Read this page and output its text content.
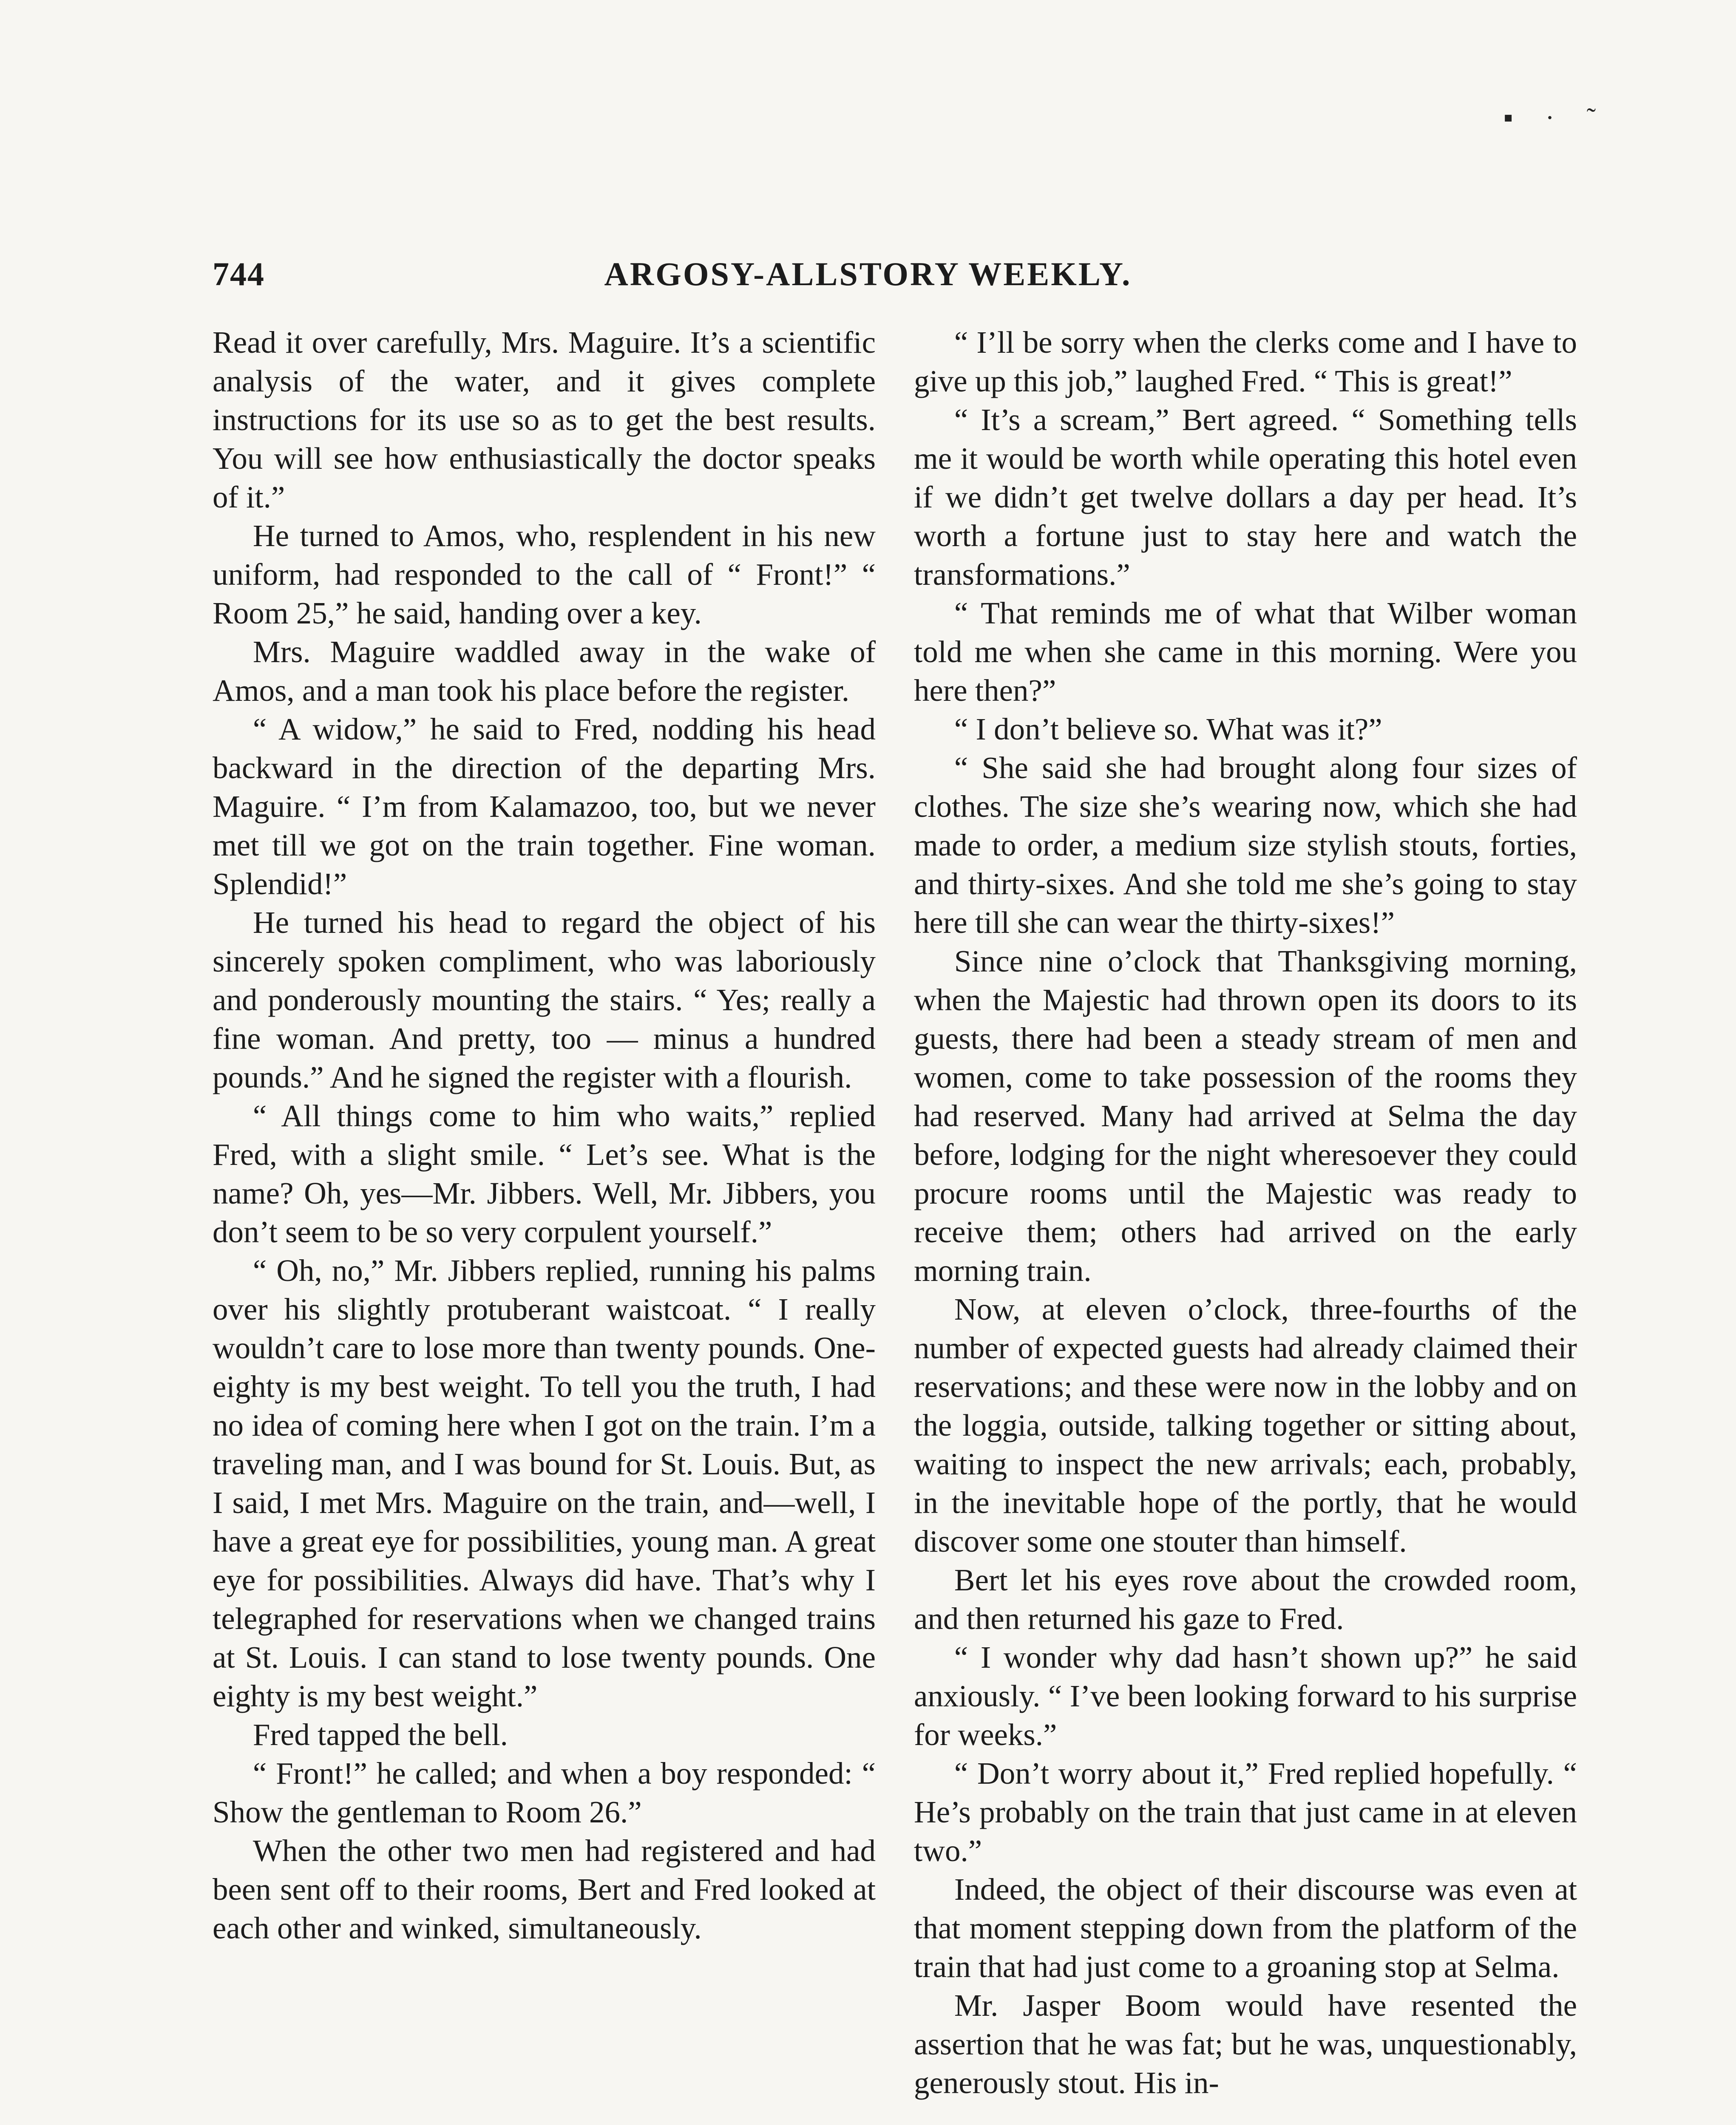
▪ · ˜
744	ARGOSY-ALLSTORY WEEKLY.

Read it over carefully, Mrs. Maguire. It’s a scientific analysis of the water, and it gives complete instructions for its use so as to get the best results. You will see how enthusiastically the doctor speaks of it.”

He turned to Amos, who, resplendent in his new uniform, had responded to the call of “ Front!” “ Room 25,” he said, handing over a key.

Mrs. Maguire waddled away in the wake of Amos, and a man took his place before the register.

“ A widow,” he said to Fred, nodding his head backward in the direction of the departing Mrs. Maguire. “ I’m from Kalamazoo, too, but we never met till we got on the train together. Fine woman. Splendid!”

He turned his head to regard the object of his sincerely spoken compliment, who was laboriously and ponderously mounting the stairs. “ Yes; really a fine woman. And pretty, too — minus a hundred pounds.” And he signed the register with a flourish.

“ All things come to him who waits,” replied Fred, with a slight smile. “ Let’s see. What is the name? Oh, yes—Mr. Jibbers. Well, Mr. Jibbers, you don’t seem to be so very corpulent yourself.”

“ Oh, no,” Mr. Jibbers replied, running his palms over his slightly protuberant waistcoat. “ I really wouldn’t care to lose more than twenty pounds. One-eighty is my best weight. To tell you the truth, I had no idea of coming here when I got on the train. I’m a traveling man, and I was bound for St. Louis. But, as I said, I met Mrs. Maguire on the train, and—well, I have a great eye for possibilities, young man. A great eye for possibilities. Always did have. That’s why I telegraphed for reservations when we changed trains at St. Louis. I can stand to lose twenty pounds. One eighty is my best weight.”

Fred tapped the bell.

“ Front!” he called; and when a boy responded: “ Show the gentleman to Room 26.”

When the other two men had registered and had been sent off to their rooms, Bert and Fred looked at each other and winked, simultaneously.

“ I’ll be sorry when the clerks come and I have to give up this job,” laughed Fred. “ This is great!”

“ It’s a scream,” Bert agreed. “ Something tells me it would be worth while operating this hotel even if we didn’t get twelve dollars a day per head. It’s worth a fortune just to stay here and watch the transformations.”

“ That reminds me of what that Wilber woman told me when she came in this morning. Were you here then?”

“ I don’t believe so. What was it?”

“ She said she had brought along four sizes of clothes. The size she’s wearing now, which she had made to order, a medium size stylish stouts, forties, and thirty-sixes. And she told me she’s going to stay here till she can wear the thirty-sixes!”

Since nine o’clock that Thanksgiving morning, when the Majestic had thrown open its doors to its guests, there had been a steady stream of men and women, come to take possession of the rooms they had reserved. Many had arrived at Selma the day before, lodging for the night wheresoever they could procure rooms until the Majestic was ready to receive them; others had arrived on the early morning train.

Now, at eleven o’clock, three-fourths of the number of expected guests had already claimed their reservations; and these were now in the lobby and on the loggia, outside, talking together or sitting about, waiting to inspect the new arrivals; each, probably, in the inevitable hope of the portly, that he would discover some one stouter than himself.

Bert let his eyes rove about the crowded room, and then returned his gaze to Fred.

“ I wonder why dad hasn’t shown up?” he said anxiously. “ I’ve been looking forward to his surprise for weeks.”

“ Don’t worry about it,” Fred replied hopefully. “ He’s probably on the train that just came in at eleven two.”

Indeed, the object of their discourse was even at that moment stepping down from the platform of the train that had just come to a groaning stop at Selma.

Mr. Jasper Boom would have resented the assertion that he was fat; but he was, unquestionably, generously stout. His in-
